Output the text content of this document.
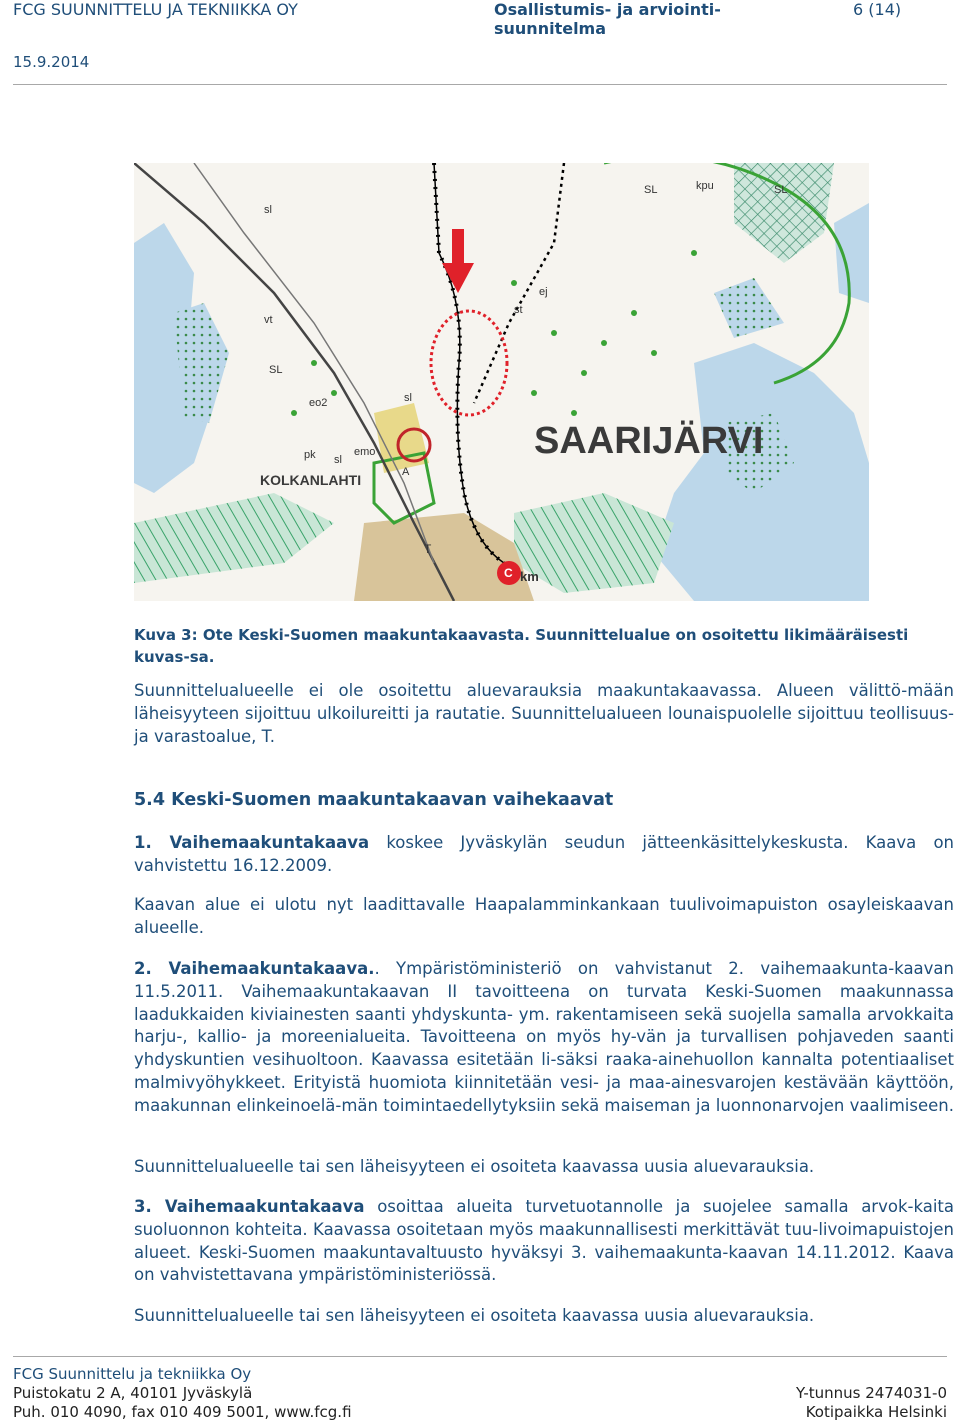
FCG SUUNNITTELU JA TEKNIIKKA OY	Osallistumis- ja arviointi-suunnitelma
6 (14)
15.9.2014
SAARIJÄRVI
KOLKANLAHTI
SL
sl
SL
sl
SL
sl
kpu
ej
st
vt
pk
eo2
emo
A
T
km
C
Kuva 3: Ote Keski-Suomen maakuntakaavasta. Suunnittelualue on osoitettu likimääräisesti kuvas-sa.
Suunnittelualueelle ei ole osoitettu aluevarauksia maakuntakaavassa. Alueen välittö-mään läheisyyteen sijoittuu ulkoilureitti ja rautatie. Suunnittelualueen lounaispuolelle sijoittuu teollisuus- ja varastoalue, T.
5.4 Keski-Suomen maakuntakaavan vaihekaavat
1. Vaihemaakuntakaava koskee Jyväskylän seudun jätteenkäsittelykeskusta. Kaava on vahvistettu 16.12.2009.
Kaavan alue ei ulotu nyt laadittavalle Haapalamminkankaan tuulivoimapuiston osayleiskaavan alueelle.
2. Vaihemaakuntakaava.. Ympäristöministeriö on vahvistanut 2. vaihemaakunta-kaavan 11.5.2011. Vaihemaakuntakaavan II tavoitteena on turvata Keski-Suomen maakunnassa laadukkaiden kiviainesten saanti yhdyskunta- ym. rakentamiseen sekä suojella samalla arvokkaita harju-, kallio- ja moreenialueita. Tavoitteena on myös hy-vän ja turvallisen pohjaveden saanti yhdyskuntien vesihuoltoon. Kaavassa esitetään li-säksi raaka-ainehuollon kannalta potentiaaliset malmivyöhykkeet. Erityistä huomiota kiinnitetään vesi- ja maa-ainesvarojen kestävään käyttöön, maakunnan elinkeinoelä-män toimintaedellytyksiin sekä maiseman ja luonnonarvojen vaalimiseen.
Suunnittelualueelle tai sen läheisyyteen ei osoiteta kaavassa uusia aluevarauksia.
3. Vaihemaakuntakaava osoittaa alueita turvetuotannolle ja suojelee samalla arvok-kaita suoluonnon kohteita. Kaavassa osoitetaan myös maakunnallisesti merkittävät tuu-livoimapuistojen alueet. Keski-Suomen maakuntavaltuusto hyväksyi 3. vaihemaakunta-kaavan 14.11.2012. Kaava on vahvistettavana ympäristöministeriössä.
Suunnittelualueelle tai sen läheisyyteen ei osoiteta kaavassa uusia aluevarauksia.
FCG Suunnittelu ja tekniikka Oy
Puistokatu 2 A, 40101 Jyväskylä
Puh. 010 4090, fax 010 409 5001, www.fcg.fi
Y-tunnus 2474031-0
Kotipaikka Helsinki
